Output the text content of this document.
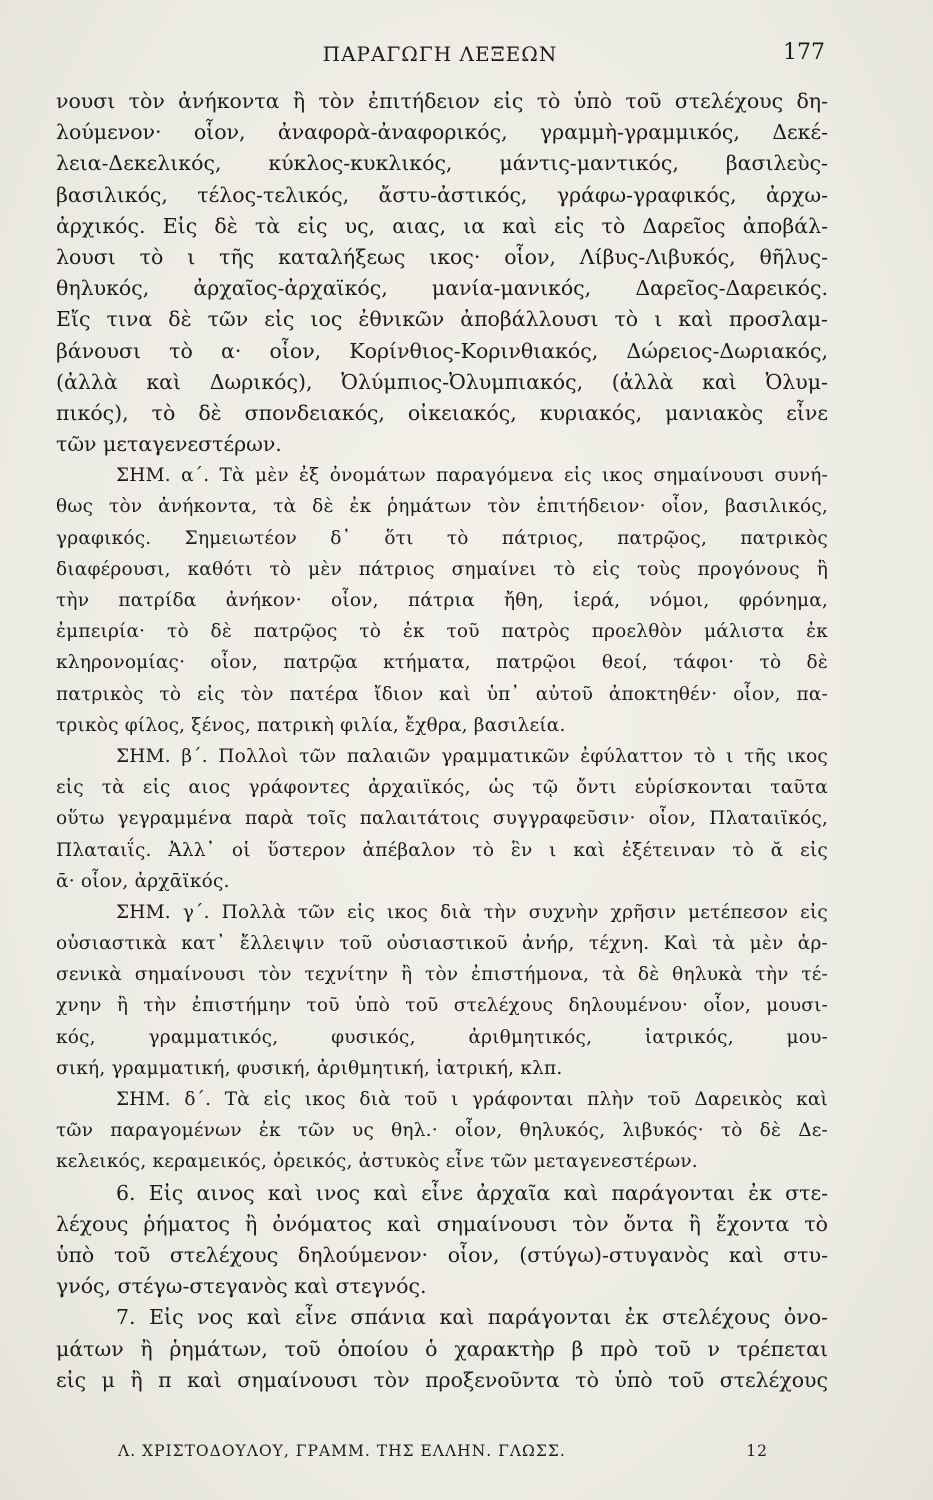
ΠΑΡΑΓΩΓΗ ΛΕΞΕΩΝ	177
νουσι τὸν ἀνήκοντα ἢ τὸν ἐπιτήδειον εἰς τὸ ὑπὸ τοῦ στελέχους δη-
λούμενον· οἷον, ἀναφορὰ-ἀναφορικός, γραμμὴ-γραμμικός, Δεκέ-
λεια-Δεκελικός, κύκλος-κυκλικός, μάντις-μαντικός, βασιλεὺς-
βασιλικός, τέλος-τελικός, ἄστυ-ἀστικός, γράφω-γραφικός, ἀρχω-
ἀρχικός. Εἰς δὲ τὰ εἰς υς, αιας, ια καὶ εἰς τὸ Δαρεῖος ἀποβάλ-
λουσι τὸ ι τῆς καταλήξεως ικος· οἷον, Λίβυς-Λιβυκός, θῆλυς-
θηλυκός, ἀρχαῖος-ἀρχαϊκός, μανία-μανικός, Δαρεῖος-Δαρεικός.
Εἴς τινα δὲ τῶν εἰς ιος ἐθνικῶν ἀποβάλλουσι τὸ ι καὶ προσλαμ-
βάνουσι τὸ α· οἷον, Κορίνθιος-Κορινθιακός, Δώρειος-Δωριακός,
(ἀλλὰ καὶ Δωρικός), Ὀλύμπιος-Ὀλυμπιακός, (ἀλλὰ καὶ Ὀλυμ-
πικός), τὸ δὲ σπονδειακός, οἰκειακός, κυριακός, μανιακὸς εἶνε
τῶν μεταγενεστέρων.
ΣΗΜ. α΄. Τὰ μὲν ἐξ ὀνομάτων παραγόμενα εἰς ικος σημαίνουσι συνή-
θως τὸν ἀνήκοντα, τὰ δὲ ἐκ ῥημάτων τὸν ἐπιτήδειον· οἷον, βασιλικός,
γραφικός. Σημειωτέον δ᾽ ὅτι τὸ πάτριος, πατρῷος, πατρικὸς
διαφέρουσι, καθότι τὸ μὲν πάτριος σημαίνει τὸ εἰς τοὺς προγόνους ἢ
τὴν πατρίδα ἀνήκον· οἷον, πάτρια ἤθη, ἱερά, νόμοι, φρόνημα,
ἐμπειρία· τὸ δὲ πατρῷος τὸ ἐκ τοῦ πατρὸς προελθὸν μάλιστα ἐκ
κληρονομίας· οἷον, πατρῷα κτήματα, πατρῷοι θεοί, τάφοι· τὸ δὲ
πατρικὸς τὸ εἰς τὸν πατέρα ἴδιον καὶ ὑπ᾽ αὐτοῦ ἀποκτηθέν· οἷον, πα-
τρικὸς φίλος, ξένος, πατρικὴ φιλία, ἔχθρα, βασιλεία.
ΣΗΜ. β΄. Πολλοὶ τῶν παλαιῶν γραμματικῶν ἐφύλαττον τὸ ι τῆς ικος
εἰς τὰ εἰς αιος γράφοντες ἀρχαιϊκός, ὡς τῷ ὄντι εὑρίσκονται ταῦτα
οὕτω γεγραμμένα παρὰ τοῖς παλαιτάτοις συγγραφεῦσιν· οἷον, Πλαταιϊκός,
Πλαταιΐς. Ἀλλ᾽ οἱ ὕστερον ἀπέβαλον τὸ ἓν ι καὶ ἐξέτειναν τὸ ᾰ εἰς
ᾱ· οἷον, ἀρχᾱϊκός.
ΣΗΜ. γ΄. Πολλὰ τῶν εἰς ικος διὰ τὴν συχνὴν χρῆσιν μετέπεσον εἰς
οὐσιαστικὰ κατ᾽ ἔλλειψιν τοῦ οὐσιαστικοῦ ἀνήρ, τέχνη. Καὶ τὰ μὲν ἀρ-
σενικὰ σημαίνουσι τὸν τεχνίτην ἢ τὸν ἐπιστήμονα, τὰ δὲ θηλυκὰ τὴν τέ-
χνην ἢ τὴν ἐπιστήμην τοῦ ὑπὸ τοῦ στελέχους δηλουμένου· οἷον, μουσι-
κός, γραμματικός, φυσικός, ἀριθμητικός, ἰατρικός, μου-
σική, γραμματική, φυσική, ἀριθμητική, ἰατρική, κλπ.
ΣΗΜ. δ΄. Τὰ εἰς ικος διὰ τοῦ ι γράφονται πλὴν τοῦ Δαρεικὸς καὶ
τῶν παραγομένων ἐκ τῶν υς θηλ.· οἷον, θηλυκός, λιβυκός· τὸ δὲ Δε-
κελεικός, κεραμεικός, ὀρεικός, ἀστυκὸς εἶνε τῶν μεταγενεστέρων.
6. Εἰς αινος καὶ ινος καὶ εἶνε ἀρχαῖα καὶ παράγονται ἐκ στε-
λέχους ῥήματος ἢ ὀνόματος καὶ σημαίνουσι τὸν ὄντα ἢ ἔχοντα τὸ
ὑπὸ τοῦ στελέχους δηλούμενον· οἷον, (στύγω)-στυγανὸς καὶ στυ-
γνός, στέγω-στεγανὸς καὶ στεγνός.
7. Εἰς νος καὶ εἶνε σπάνια καὶ παράγονται ἐκ στελέχους ὀνο-
μάτων ἢ ῥημάτων, τοῦ ὁποίου ὁ χαρακτὴρ β πρὸ τοῦ ν τρέπεται
εἰς μ ἢ π καὶ σημαίνουσι τὸν προξενοῦντα τὸ ὑπὸ τοῦ στελέχους
Λ. ΧΡΙΣΤΟΔΟΥΛΟΥ, ΓΡΑΜΜ. ΤΗΣ ΕΛΛΗΝ. ΓΛΩΣΣ.	12
